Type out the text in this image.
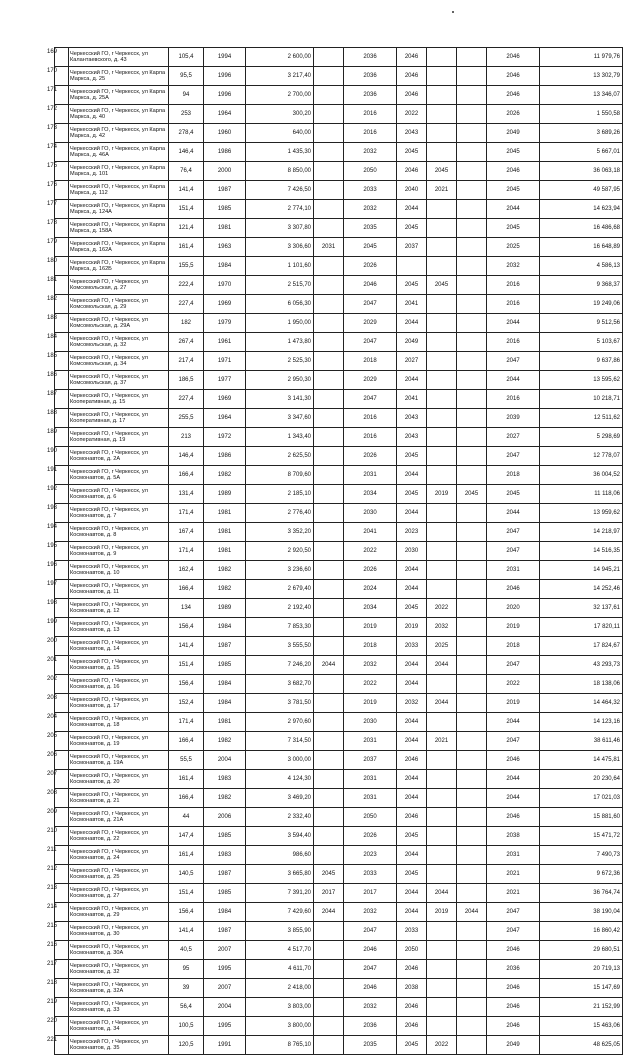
169	Черкесский ГО, г Черкесск, ул Калантаевского, д. 43	105,4	1994	2 600,00		2036	2046			2046	11 979,76

170	Черкесский ГО, г Черкесск, ул Карла Маркса, д. 25	95,5	1996	3 217,40		2036	2046			2046	13 302,79

171	Черкесский ГО, г Черкесск, ул Карла Маркса, д. 25А	94	1996	2 700,00		2036	2046			2046	13 346,07

172	Черкесский ГО, г Черкесск, ул Карла Маркса, д. 40	253	1964	300,20		2016	2022			2026	1 550,58

173	Черкесский ГО, г Черкесск, ул Карла Маркса, д. 42	278,4	1960	640,00		2016	2043			2049	3 689,26

174	Черкесский ГО, г Черкесск, ул Карла Маркса, д. 46А	146,4	1986	1 435,30		2032	2045			2045	5 667,01

175	Черкесский ГО, г Черкесск, ул Карла Маркса, д. 101	76,4	2000	8 850,00		2050	2046	2045		2046	36 063,18

176	Черкесский ГО, г Черкесск, ул Карла Маркса, д. 112	141,4	1987	7 426,50		2033	2040	2021		2045	49 587,95

177	Черкесский ГО, г Черкесск, ул Карла Маркса, д. 124А	151,4	1985	2 774,10		2032	2044			2044	14 623,94

178	Черкесский ГО, г Черкесск, ул Карла Маркса, д. 158А	121,4	1981	3 307,80		2035	2045			2045	16 486,68

179	Черкесский ГО, г Черкесск, ул Карла Маркса, д. 162А	161,4	1963	3 306,60	2031	2045	2037			2025	16 648,89

180	Черкесский ГО, г Черкесск, ул Карла Маркса, д. 162Б	155,5	1984	1 101,60		2026				2032	4 586,13

181	Черкесский ГО, г Черкесск, ул Комсомольская, д. 27	222,4	1970	2 515,70		2046	2045	2045		2016	9 368,37

182	Черкесский ГО, г Черкесск, ул Комсомольская, д. 29	227,4	1969	6 056,30		2047	2041			2016	19 249,06

183	Черкесский ГО, г Черкесск, ул Комсомольская, д. 29А	182	1979	1 950,00		2029	2044			2044	9 512,56

184	Черкесский ГО, г Черкесск, ул Комсомольская, д. 32	267,4	1961	1 473,80		2047	2049			2016	5 103,67

185	Черкесский ГО, г Черкесск, ул Комсомольская, д. 34	217,4	1971	2 525,30		2018	2027			2047	9 637,86

186	Черкесский ГО, г Черкесск, ул Комсомольская, д. 37	186,5	1977	2 950,30		2029	2044			2044	13 595,62

187	Черкесский ГО, г Черкесск, ул Кооперативная, д. 15	227,4	1969	3 141,30		2047	2041			2016	10 218,71

188	Черкесский ГО, г Черкесск, ул Кооперативная, д. 17	255,5	1964	3 347,60		2016	2043			2039	12 511,62

189	Черкесский ГО, г Черкесск, ул Кооперативная, д. 19	213	1972	1 343,40		2016	2043			2027	5 298,69

190	Черкесский ГО, г Черкесск, ул Космонавтов, д. 2А	146,4	1986	2 625,50		2026	2045			2047	12 778,07

191	Черкесский ГО, г Черкесск, ул Космонавтов, д. 5А	166,4	1982	8 709,60		2031	2044			2018	36 004,52

192	Черкесский ГО, г Черкесск, ул Космонавтов, д. 6	131,4	1989	2 185,10		2034	2045	2019	2045	2045	11 118,06

193	Черкесский ГО, г Черкесск, ул Космонавтов, д. 7	171,4	1981	2 776,40		2030	2044			2044	13 959,62

194	Черкесский ГО, г Черкесск, ул Космонавтов, д. 8	167,4	1981	3 352,20		2041	2023			2047	14 218,97

195	Черкесский ГО, г Черкесск, ул Космонавтов, д. 9	171,4	1981	2 920,50		2022	2030			2047	14 516,35

196	Черкесский ГО, г Черкесск, ул Космонавтов, д. 10	162,4	1982	3 236,60		2026	2044			2031	14 945,21

197	Черкесский ГО, г Черкесск, ул Космонавтов, д. 11	166,4	1982	2 679,40		2024	2044			2046	14 252,46

198	Черкесский ГО, г Черкесск, ул Космонавтов, д. 12	134	1989	2 192,40		2034	2045	2022		2020	32 137,61

199	Черкесский ГО, г Черкесск, ул Космонавтов, д. 13	156,4	1984	7 853,30		2019	2019	2032		2019	17 820,11

200	Черкесский ГО, г Черкесск, ул Космонавтов, д. 14	141,4	1987	3 555,50		2018	2033	2025		2018	17 824,67

201	Черкесский ГО, г Черкесск, ул Космонавтов, д. 15	151,4	1985	7 246,20	2044	2032	2044	2044		2047	43 293,73

202	Черкесский ГО, г Черкесск, ул Космонавтов, д. 16	156,4	1984	3 682,70		2022	2044			2022	18 138,06

203	Черкесский ГО, г Черкесск, ул Космонавтов, д. 17	152,4	1984	3 781,50		2019	2032	2044		2019	14 464,32

204	Черкесский ГО, г Черкесск, ул Космонавтов, д. 18	171,4	1981	2 970,60		2030	2044			2044	14 123,16

205	Черкесский ГО, г Черкесск, ул Космонавтов, д. 19	166,4	1982	7 314,50		2031	2044	2021		2047	38 611,46

206	Черкесский ГО, г Черкесск, ул Космонавтов, д. 19А	55,5	2004	3 000,00		2037	2046			2046	14 475,81

207	Черкесский ГО, г Черкесск, ул Космонавтов, д. 20	161,4	1983	4 124,30		2031	2044			2044	20 230,64

208	Черкесский ГО, г Черкесск, ул Космонавтов, д. 21	166,4	1982	3 469,20		2031	2044			2044	17 021,03

209	Черкесский ГО, г Черкесск, ул Космонавтов, д. 21А	44	2006	2 332,40		2050	2046			2046	15 881,60

210	Черкесский ГО, г Черкесск, ул Космонавтов, д. 22	147,4	1985	3 594,40		2026	2045			2038	15 471,72

211	Черкесский ГО, г Черкесск, ул Космонавтов, д. 24	161,4	1983	986,60		2023	2044			2031	7 490,73

212	Черкесский ГО, г Черкесск, ул Космонавтов, д. 25	140,5	1987	3 665,80	2045	2033	2045			2021	9 672,36

213	Черкесский ГО, г Черкесск, ул Космонавтов, д. 27	151,4	1985	7 391,20	2017	2017	2044	2044		2021	36 764,74

214	Черкесский ГО, г Черкесск, ул Космонавтов, д. 29	156,4	1984	7 429,60	2044	2032	2044	2019	2044	2047	38 190,04

215	Черкесский ГО, г Черкесск, ул Космонавтов, д. 30	141,4	1987	3 855,90		2047	2033			2047	16 860,42

216	Черкесский ГО, г Черкесск, ул Космонавтов, д. 30А	40,5	2007	4 517,70		2046	2050			2046	29 680,51

217	Черкесский ГО, г Черкесск, ул Космонавтов, д. 32	95	1995	4 611,70		2047	2046			2036	20 719,13

218	Черкесский ГО, г Черкесск, ул Космонавтов, д. 32А	39	2007	2 418,00		2046	2038			2046	15 147,69

219	Черкесский ГО, г Черкесск, ул Космонавтов, д. 33	56,4	2004	3 803,00		2032	2046			2046	21 152,99

220	Черкесский ГО, г Черкесск, ул Космонавтов, д. 34	100,5	1995	3 800,00		2036	2046			2046	15 463,06

221	Черкесский ГО, г Черкесск, ул Космонавтов, д. 35	120,5	1991	8 765,10		2035	2045	2022		2049	48 625,05
